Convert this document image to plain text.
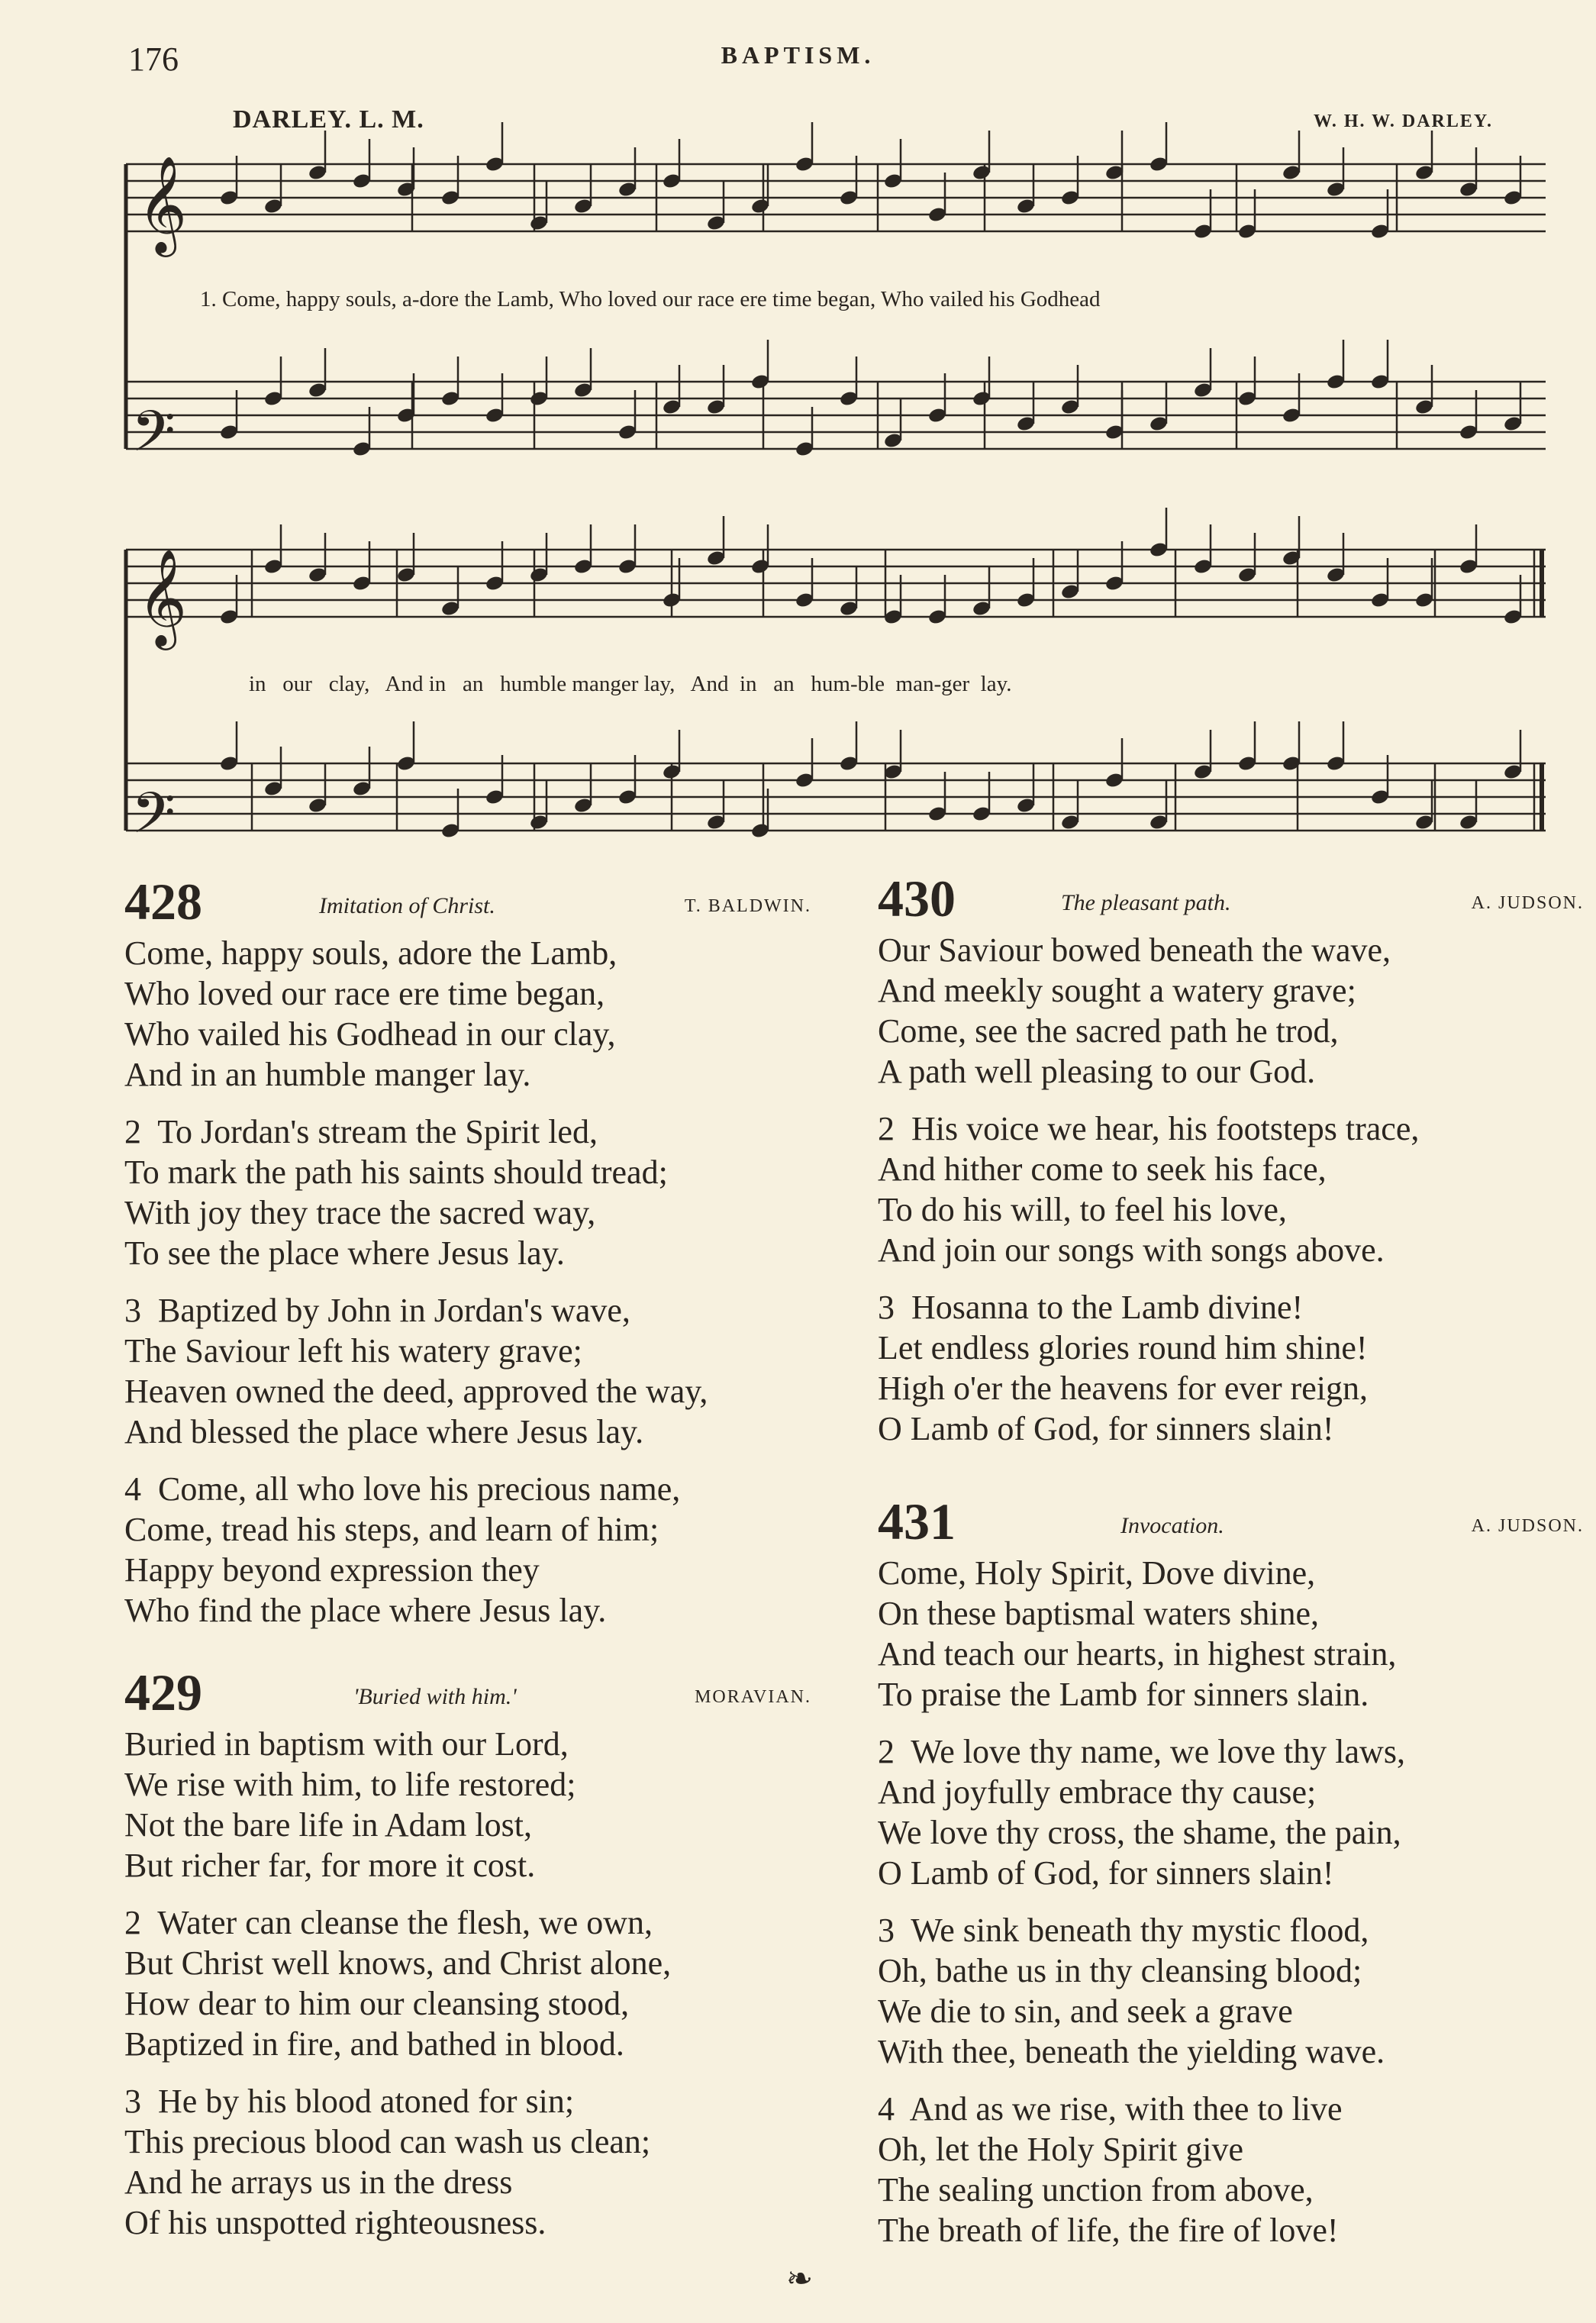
176	BAPTISM.
DARLEY. L. M.	W. H. W. DARLEY.
𝄞
𝄞
𝄢
𝄢
1. Come, happy souls, a-dore the Lamb, Who loved our race ere time began, Who vailed his Godhead
in   our   clay,   And in   an   humble manger lay,   And  in   an   hum-ble  man-ger  lay.
428	Imitation of Christ.	T. BALDWIN.
Come, happy souls, adore the Lamb,
Who loved our race ere time began,
Who vailed his Godhead in our clay,
And in an humble manger lay.
2  To Jordan's stream the Spirit led,
To mark the path his saints should tread;
With joy they trace the sacred way,
To see the place where Jesus lay.
3  Baptized by John in Jordan's wave,
The Saviour left his watery grave;
Heaven owned the deed, approved the way,
And blessed the place where Jesus lay.
4  Come, all who love his precious name,
Come, tread his steps, and learn of him;
Happy beyond expression they
Who find the place where Jesus lay.
429	'Buried with him.'	MORAVIAN.
Buried in baptism with our Lord,
We rise with him, to life restored;
Not the bare life in Adam lost,
But richer far, for more it cost.
2  Water can cleanse the flesh, we own,
But Christ well knows, and Christ alone,
How dear to him our cleansing stood,
Baptized in fire, and bathed in blood.
3  He by his blood atoned for sin;
This precious blood can wash us clean;
And he arrays us in the dress
Of his unspotted righteousness.
430	The pleasant path.	A. JUDSON.
Our Saviour bowed beneath the wave,
And meekly sought a watery grave;
Come, see the sacred path he trod,
A path well pleasing to our God.
2  His voice we hear, his footsteps trace,
And hither come to seek his face,
To do his will, to feel his love,
And join our songs with songs above.
3  Hosanna to the Lamb divine!
Let endless glories round him shine!
High o'er the heavens for ever reign,
O Lamb of God, for sinners slain!
431	Invocation.	A. JUDSON.
Come, Holy Spirit, Dove divine,
On these baptismal waters shine,
And teach our hearts, in highest strain,
To praise the Lamb for sinners slain.
2  We love thy name, we love thy laws,
And joyfully embrace thy cause;
We love thy cross, the shame, the pain,
O Lamb of God, for sinners slain!
3  We sink beneath thy mystic flood,
Oh, bathe us in thy cleansing blood;
We die to sin, and seek a grave
With thee, beneath the yielding wave.
4  And as we rise, with thee to live
Oh, let the Holy Spirit give
The sealing unction from above,
The breath of life, the fire of love!
❧
